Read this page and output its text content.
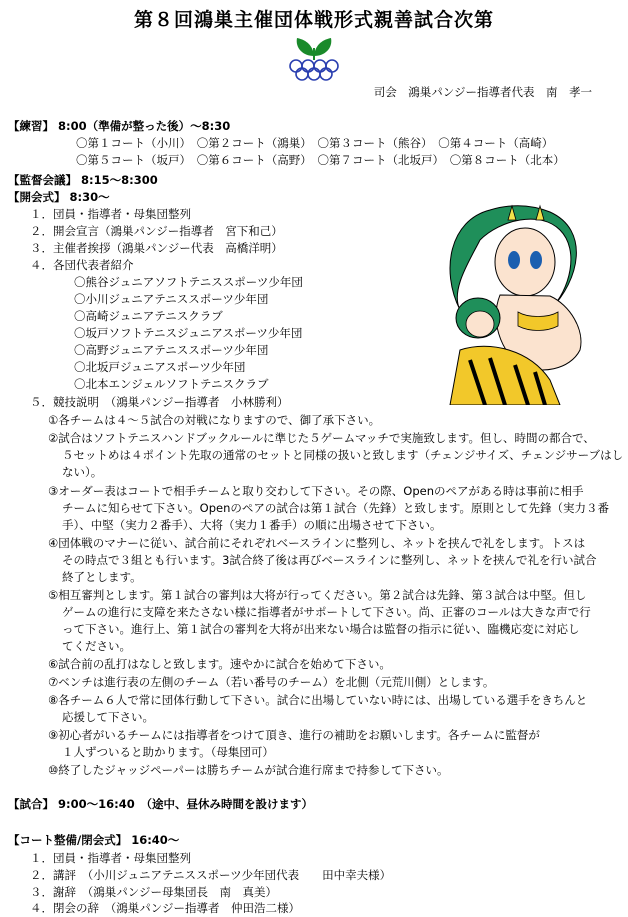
第８回鴻巣主催団体戦形式親善試合次第
司会　鴻巣パンジー指導者代表　南　孝一
【練習】 8:00（準備が整った後）～8:30
〇第１コート（小川）　〇第２コート（鴻巣）　〇第３コート（熊谷）　〇第４コート（高崎）
〇第５コート（坂戸）　〇第６コート（高野）　〇第７コート（北坂戸）　〇第８コート（北本）
【監督会議】 8:15～8:300
【開会式】 8:30～
１．団員・指導者・母集団整列
２．開会宣言（鴻巣パンジー指導者　宮下和己）
３．主催者挨拶（鴻巣パンジー代表　高橋洋明）
４．各団代表者紹介
〇熊谷ジュニアソフトテニススポーツ少年団
〇小川ジュニアテニススポーツ少年団
〇高崎ジュニアテニスクラブ
〇坂戸ソフトテニスジュニアスポーツ少年団
〇高野ジュニアテニススポーツ少年団
〇北坂戸ジュニアスポーツ少年団
〇北本エンジェルソフトテニスクラブ
５．競技説明　（鴻巣パンジー指導者　小林勝利）
①各チームは４～５試合の対戦になりますので、御了承下さい。
②試合はソフトテニスハンドブックルールに準じた５ゲームマッチで実施致します。但し、時間の都合で、
５セットめは４ポイント先取の通常のセットと同様の扱いと致します（チェンジサイズ、チェンジサーブはし
ない）。
③オーダー表はコートで相手チームと取り交わして下さい。その際、Openのペアがある時は事前に相手
チームに知らせて下さい。Openのペアの試合は第１試合（先鋒）と致します。原則として先鋒（実力３番
手）、中堅（実力２番手）、大将（実力１番手）の順に出場させて下さい。
④団体戦のマナーに従い、試合前にそれぞれベースラインに整列し、ネットを挟んで礼をします。トスは
その時点で３組とも行います。3試合終了後は再びベースラインに整列し、ネットを挟んで礼を行い試合
終了とします。
⑤相互審判とします。第１試合の審判は大将が行ってください。第２試合は先鋒、第３試合は中堅。但し
ゲームの進行に支障を来たさない様に指導者がサポートして下さい。尚、正審のコールは大きな声で行
って下さい。進行上、第１試合の審判を大将が出来ない場合は監督の指示に従い、臨機応変に対応し
てください。
⑥試合前の乱打はなしと致します。速やかに試合を始めて下さい。
⑦ベンチは進行表の左側のチーム（若い番号のチーム）を北側（元荒川側）とします。
⑧各チーム６人で常に団体行動して下さい。試合に出場していない時には、出場している選手をきちんと
応援して下さい。
⑨初心者がいるチームには指導者をつけて頂き、進行の補助をお願いします。各チームに監督が
１人ずついると助かります。（母集団可）
⑩終了したジャッジペーパーは勝ちチームが試合進行席まで持参して下さい。
【試合】 9:00～16:40　（途中、昼休み時間を設けます）
【コート整備/閉会式】 16:40～
１．団員・指導者・母集団整列
２．講評　（小川ジュニアテニススポーツ少年団代表　　田中幸夫様）
３．謝辞　（鴻巣パンジー母集団長　南　真美）
４．閉会の辞　（鴻巣パンジー指導者　仲田浩二様）
